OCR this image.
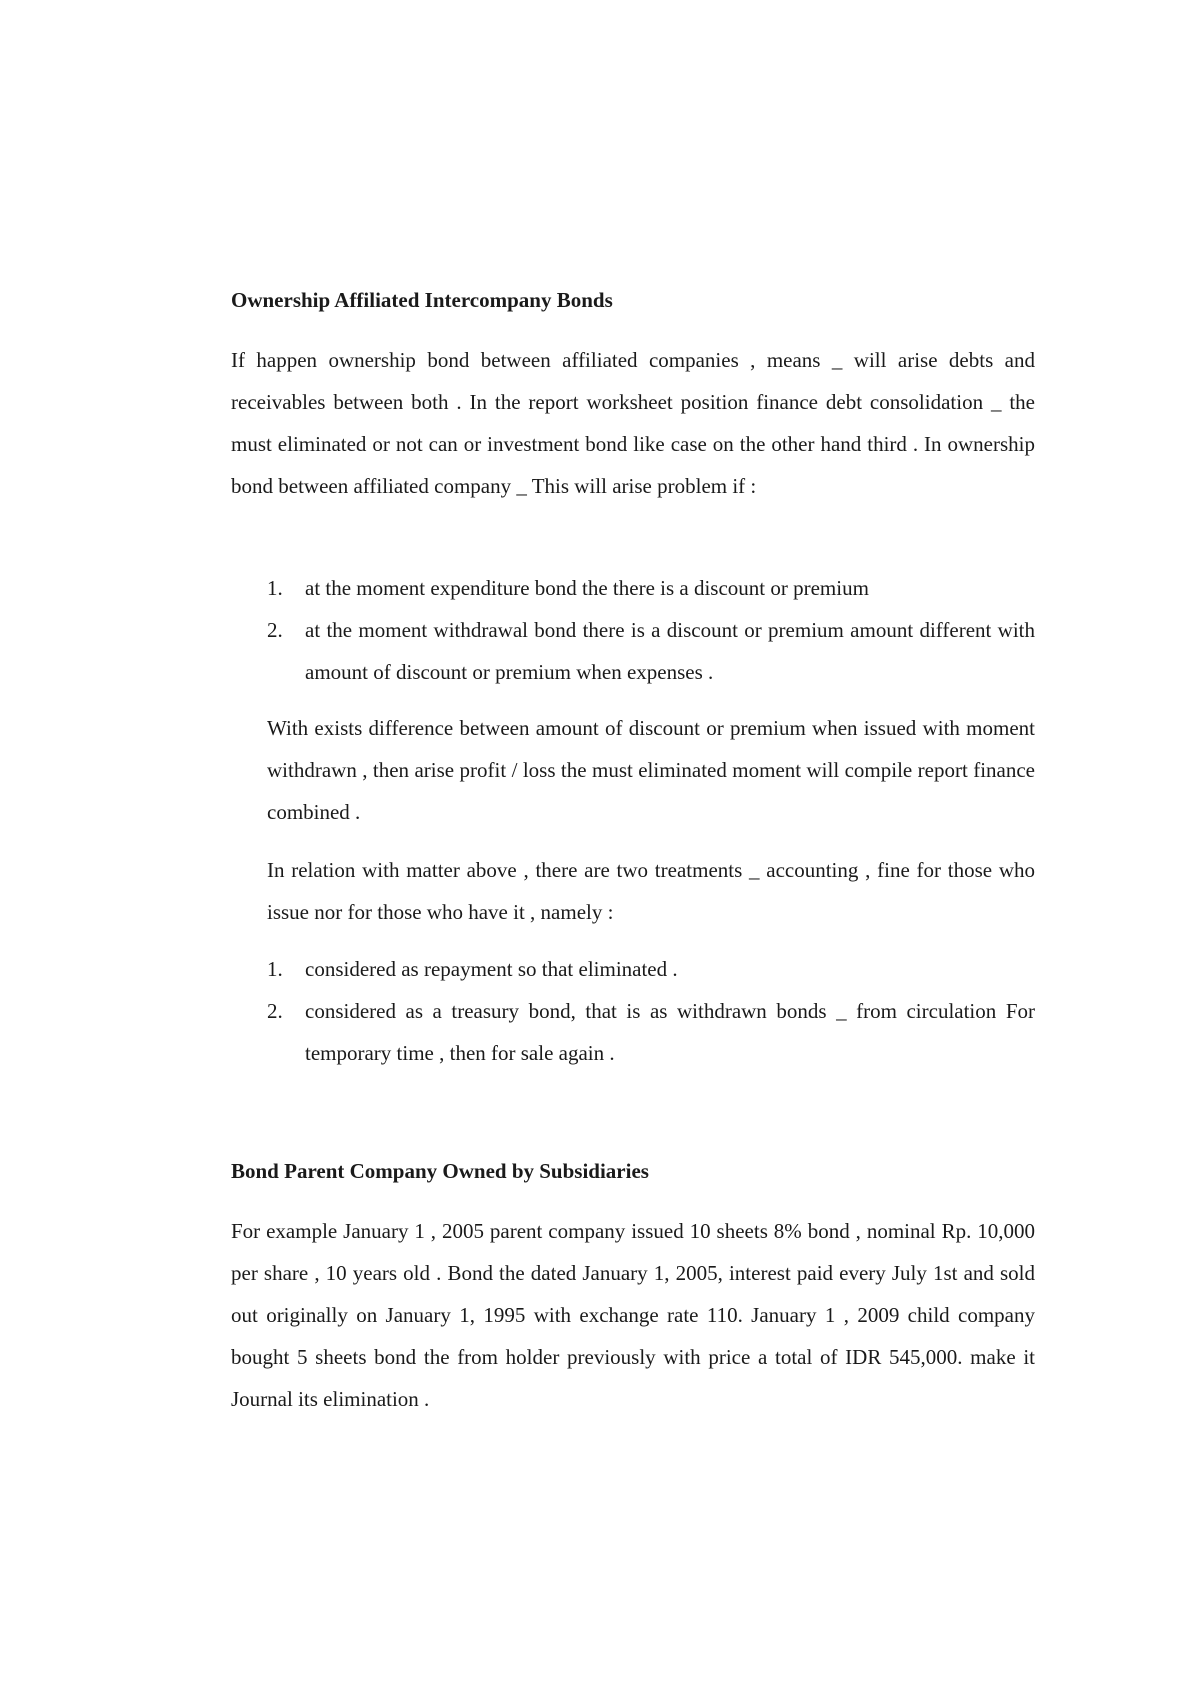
Ownership Affiliated Intercompany Bonds

If happen ownership bond between affiliated companies , means _ will arise debts and receivables between both . In the report worksheet position finance debt consolidation _ the must eliminated or not can or investment bond like case on the other hand third . In ownership bond between affiliated company _ This will arise problem if :

1. at the moment expenditure bond the there is a discount or premium
2. at the moment withdrawal bond there is a discount or premium amount different with amount of discount or premium when expenses .

With exists difference between amount of discount or premium when issued with moment withdrawn , then arise profit / loss the must eliminated moment will compile report finance combined .

In relation with matter above , there are two treatments _ accounting , fine for those who issue nor for those who have it , namely :

1. considered as repayment so that eliminated .
2. considered as a treasury bond, that is as withdrawn bonds _ from circulation For temporary time , then for sale again .
Bond Parent Company Owned by Subsidiaries

For example January 1 , 2005 parent company issued 10 sheets 8% bond , nominal Rp. 10,000 per share , 10 years old . Bond the dated January 1, 2005, interest paid every July 1st and sold out originally on January 1, 1995 with exchange rate 110. January 1 , 2009 child company bought 5 sheets bond the from holder previously with price a total of IDR 545,000. make it Journal its elimination .
